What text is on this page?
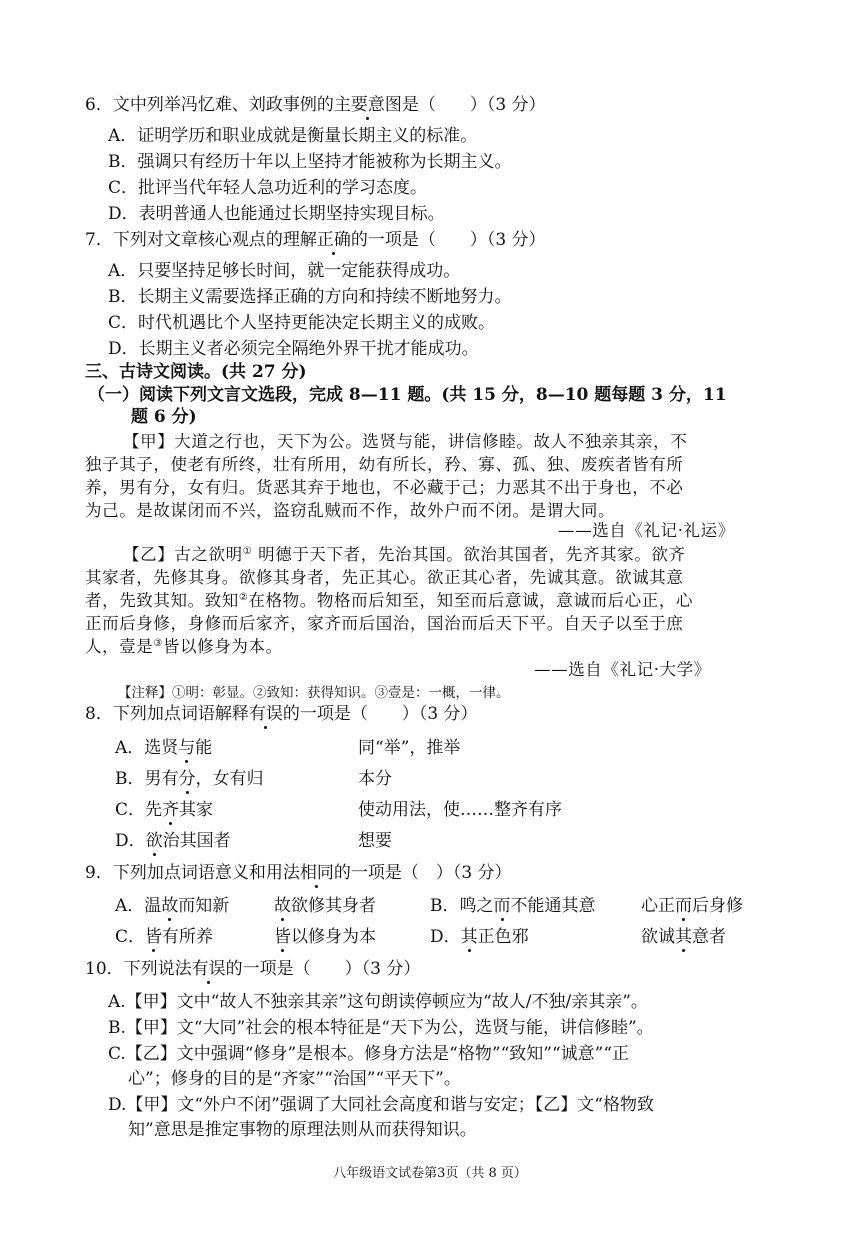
6．文中列举冯忆难、刘政事例的主要意图是（　　）（3 分）
A．证明学历和职业成就是衡量长期主义的标准。
B．强调只有经历十年以上坚持才能被称为长期主义。
C．批评当代年轻人急功近利的学习态度。
D．表明普通人也能通过长期坚持实现目标。
7．下列对文章核心观点的理解正确的一项是（　　）（3 分）
A．只要坚持足够长时间，就一定能获得成功。
B．长期主义需要选择正确的方向和持续不断地努力。
C．时代机遇比个人坚持更能决定长期主义的成败。
D．长期主义者必须完全隔绝外界干扰才能成功。
三、古诗文阅读。(共 27 分)
（一）阅读下列文言文选段，完成 8—11 题。(共 15 分，8—10 题每题 3 分，11
题 6 分)
【甲】大道之行也，天下为公。选贤与能，讲信修睦。故人不独亲其亲，不
独子其子，使老有所终，壮有所用，幼有所长，矜、寡、孤、独、废疾者皆有所
养，男有分，女有归。货恶其弃于地也，不必藏于己；力恶其不出于身也，不必
为己。是故谋闭而不兴，盗窃乱贼而不作，故外户而不闭。是谓大同。
——选自《礼记·礼运》
【乙】古之欲明① 明德于天下者，先治其国。欲治其国者，先齐其家。欲齐
其家者，先修其身。欲修其身者，先正其心。欲正其心者，先诚其意。欲诚其意
者，先致其知。致知②在格物。物格而后知至，知至而后意诚，意诚而后心正，心
正而后身修，身修而后家齐，家齐而后国治，国治而后天下平。自天子以至于庶
人，壹是③皆以修身为本。
——选自《礼记·大学》
【注释】①明：彰显。②致知：获得知识。③壹是：一概，一律。
8．下列加点词语解释有误的一项是（　　）（3 分）
A．选贤与能	同“举”，推举
B．男有分，女有归	本分
C．先齐其家	使动用法，使……整齐有序
D．欲治其国者	想要
9．下列加点词语意义和用法相同的一项是（　）（3 分）
A．温故而知新	故欲修其身者	B．鸣之而不能通其意	心正而后身修
C．皆有所养	皆以修身为本	D．其正色邪	欲诚其意者
10．下列说法有误的一项是（　　）（3 分）
A.【甲】文中“故人不独亲其亲”这句朗读停顿应为“故人/不独/亲其亲”。
B.【甲】文“大同”社会的根本特征是“天下为公，选贤与能，讲信修睦”。
C.【乙】文中强调“修身”是根本。修身方法是“格物”“致知”“诚意”“正
心”；修身的目的是“齐家”“治国”“平天下”。
D.【甲】文“外户不闭”强调了大同社会高度和谐与安定；【乙】文“格物致
知”意思是推定事物的原理法则从而获得知识。
八年级语文试卷第3页（共 8 页）
